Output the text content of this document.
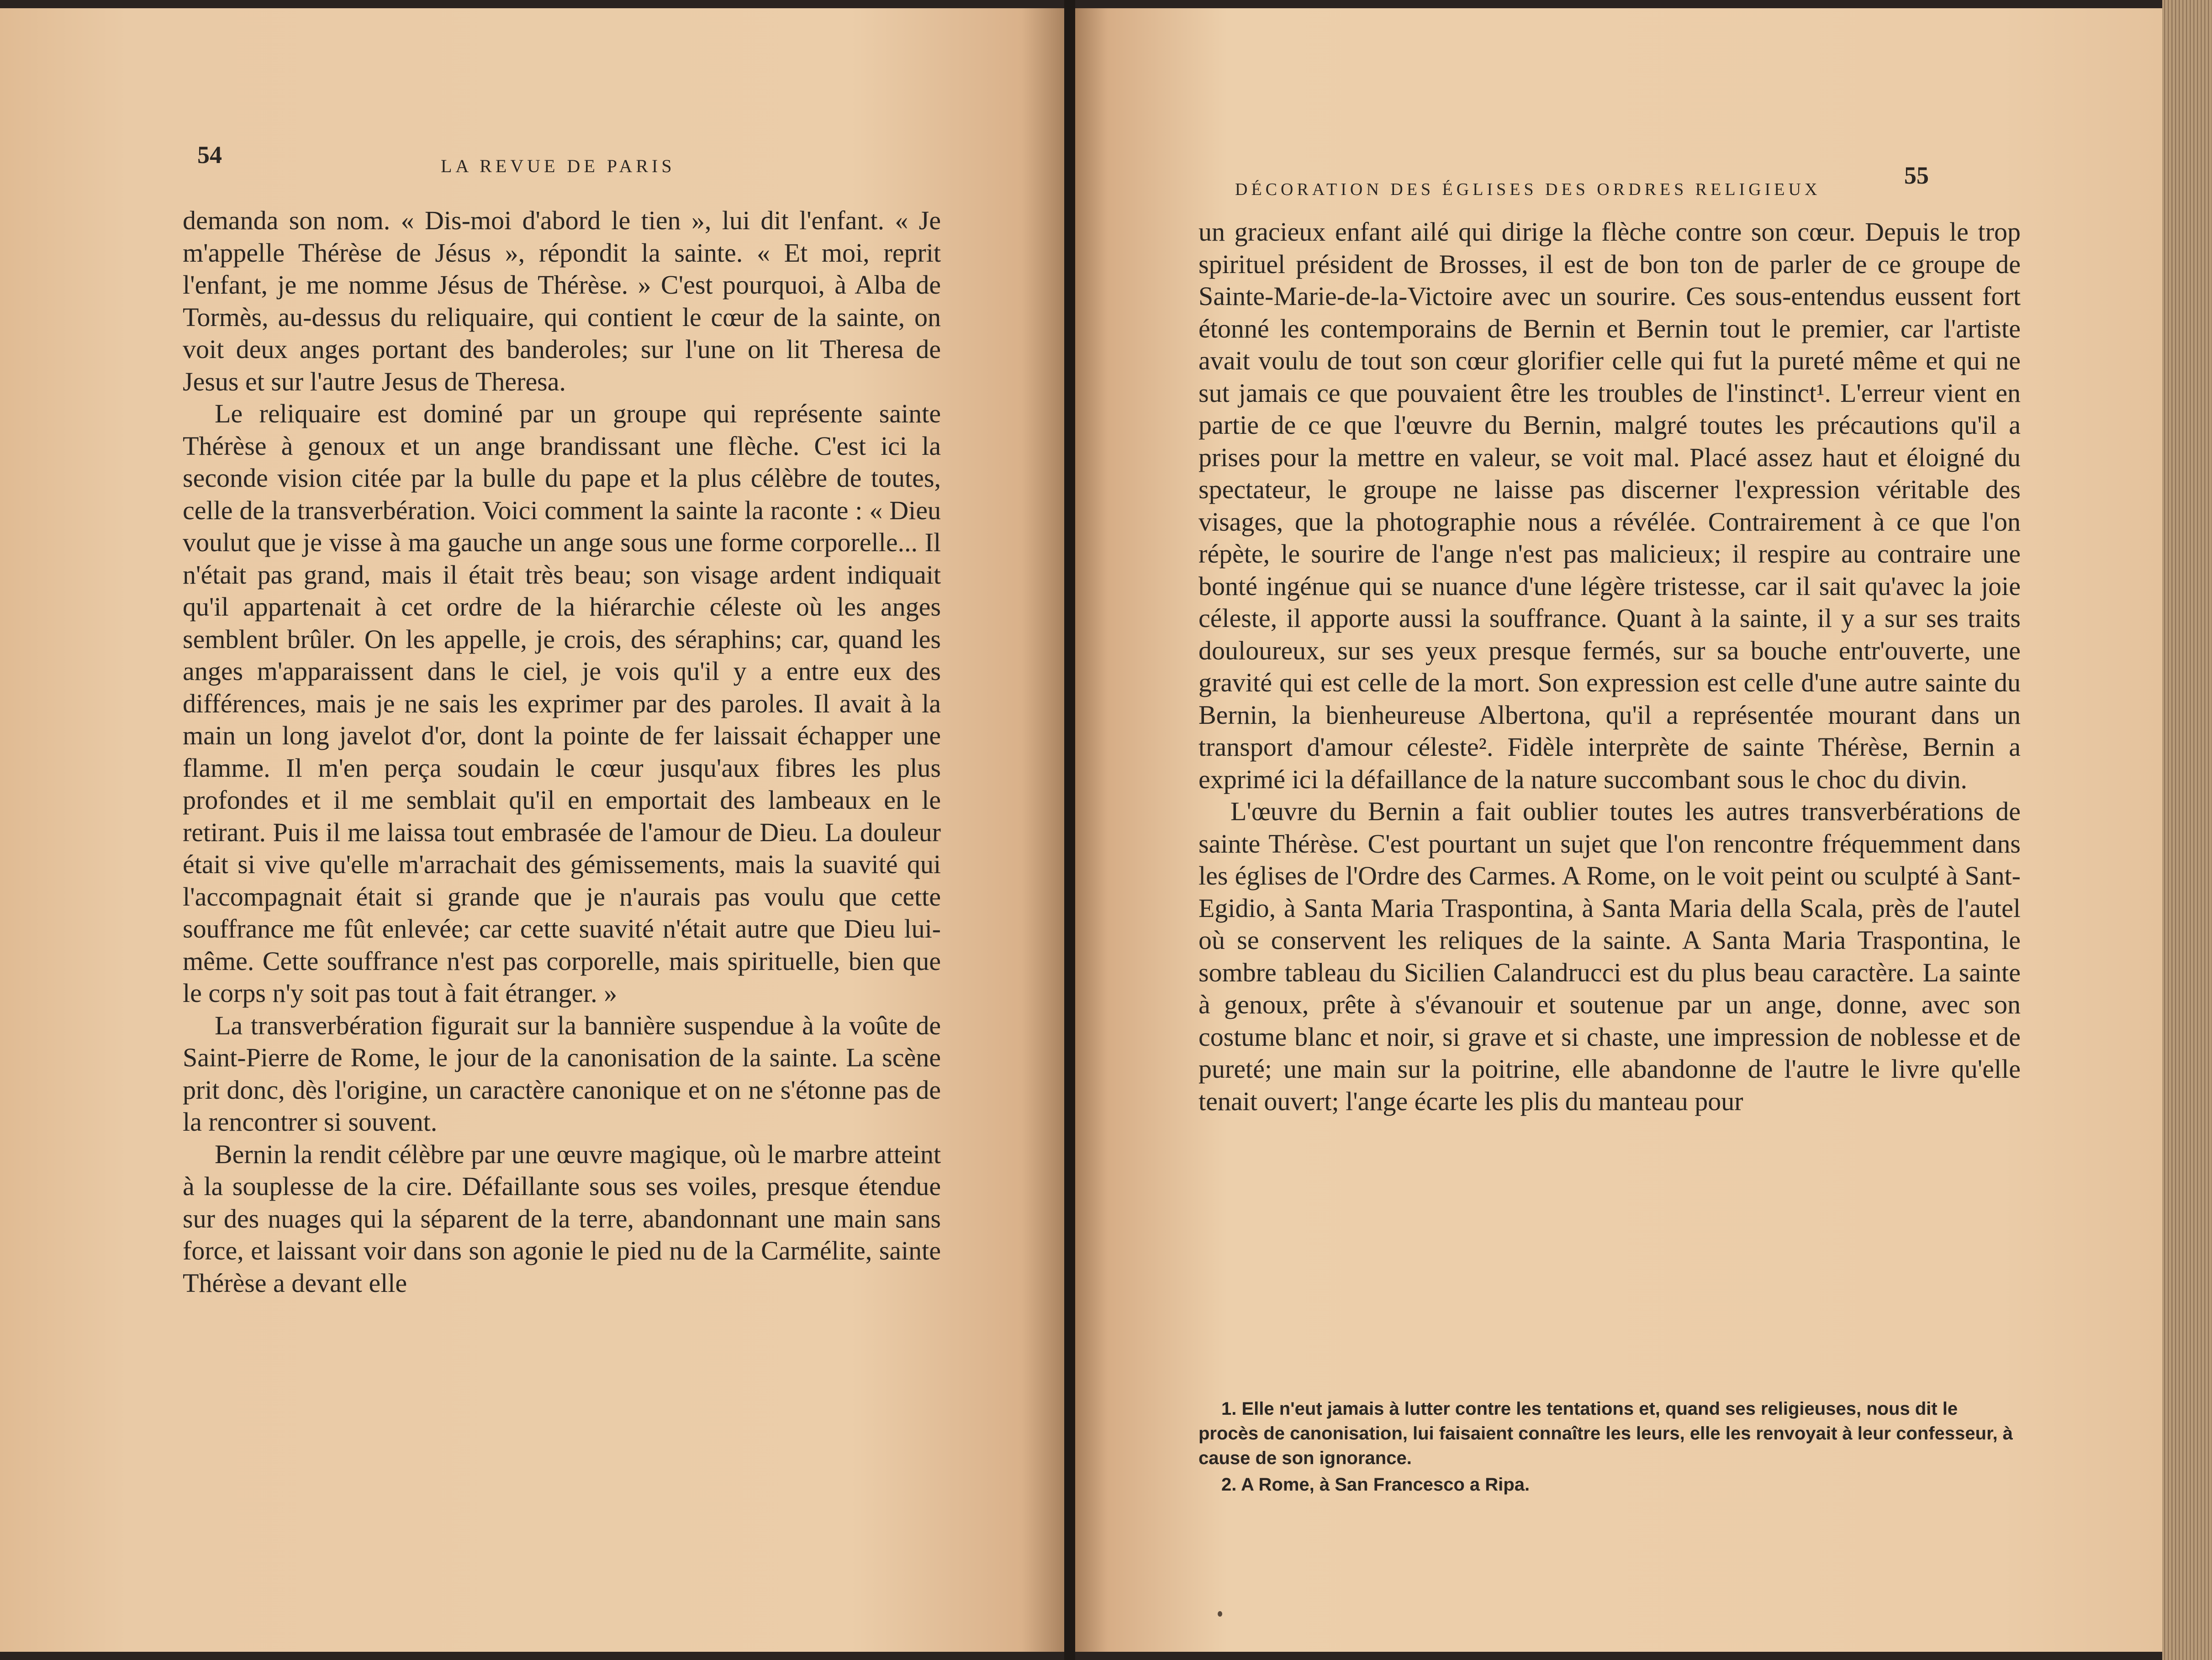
54	LA REVUE DE PARIS

demanda son nom. « Dis-moi d'abord le tien », lui dit l'enfant. « Je m'appelle Thérèse de Jésus », répondit la sainte. « Et moi, reprit l'enfant, je me nomme Jésus de Thérèse. » C'est pourquoi, à Alba de Tormès, au-dessus du reliquaire, qui contient le cœur de la sainte, on voit deux anges portant des banderoles; sur l'une on lit Theresa de Jesus et sur l'autre Jesus de Theresa.

Le reliquaire est dominé par un groupe qui représente sainte Thérèse à genoux et un ange brandissant une flèche. C'est ici la seconde vision citée par la bulle du pape et la plus célèbre de toutes, celle de la transverbération. Voici comment la sainte la raconte : « Dieu voulut que je visse à ma gauche un ange sous une forme corporelle... Il n'était pas grand, mais il était très beau; son visage ardent indiquait qu'il appartenait à cet ordre de la hiérarchie céleste où les anges semblent brûler. On les appelle, je crois, des séraphins; car, quand les anges m'apparaissent dans le ciel, je vois qu'il y a entre eux des différences, mais je ne sais les exprimer par des paroles. Il avait à la main un long javelot d'or, dont la pointe de fer laissait échapper une flamme. Il m'en perça soudain le cœur jusqu'aux fibres les plus profondes et il me semblait qu'il en emportait des lambeaux en le retirant. Puis il me laissa tout embrasée de l'amour de Dieu. La douleur était si vive qu'elle m'arrachait des gémissements, mais la suavité qui l'accompagnait était si grande que je n'aurais pas voulu que cette souffrance me fût enlevée; car cette suavité n'était autre que Dieu lui-même. Cette souffrance n'est pas corporelle, mais spirituelle, bien que le corps n'y soit pas tout à fait étranger. »

La transverbération figurait sur la bannière suspendue à la voûte de Saint-Pierre de Rome, le jour de la canonisation de la sainte. La scène prit donc, dès l'origine, un caractère canonique et on ne s'étonne pas de la rencontrer si souvent.

Bernin la rendit célèbre par une œuvre magique, où le marbre atteint à la souplesse de la cire. Défaillante sous ses voiles, presque étendue sur des nuages qui la séparent de la terre, abandonnant une main sans force, et laissant voir dans son agonie le pied nu de la Carmélite, sainte Thérèse a devant elle

DÉCORATION DES ÉGLISES DES ORDRES RELIGIEUX
55

un gracieux enfant ailé qui dirige la flèche contre son cœur. Depuis le trop spirituel président de Brosses, il est de bon ton de parler de ce groupe de Sainte-Marie-de-la-Victoire avec un sourire. Ces sous-entendus eussent fort étonné les contemporains de Bernin et Bernin tout le premier, car l'artiste avait voulu de tout son cœur glorifier celle qui fut la pureté même et qui ne sut jamais ce que pouvaient être les troubles de l'instinct¹. L'erreur vient en partie de ce que l'œuvre du Bernin, malgré toutes les précautions qu'il a prises pour la mettre en valeur, se voit mal. Placé assez haut et éloigné du spectateur, le groupe ne laisse pas discerner l'expression véritable des visages, que la photographie nous a révélée. Contrairement à ce que l'on répète, le sourire de l'ange n'est pas malicieux; il respire au contraire une bonté ingénue qui se nuance d'une légère tristesse, car il sait qu'avec la joie céleste, il apporte aussi la souffrance. Quant à la sainte, il y a sur ses traits douloureux, sur ses yeux presque fermés, sur sa bouche entr'ouverte, une gravité qui est celle de la mort. Son expression est celle d'une autre sainte du Bernin, la bienheureuse Albertona, qu'il a représentée mourant dans un transport d'amour céleste². Fidèle interprète de sainte Thérèse, Bernin a exprimé ici la défaillance de la nature succombant sous le choc du divin.

L'œuvre du Bernin a fait oublier toutes les autres transverbérations de sainte Thérèse. C'est pourtant un sujet que l'on rencontre fréquemment dans les églises de l'Ordre des Carmes. A Rome, on le voit peint ou sculpté à Sant-Egidio, à Santa Maria Traspontina, à Santa Maria della Scala, près de l'autel où se conservent les reliques de la sainte. A Santa Maria Traspontina, le sombre tableau du Sicilien Calandrucci est du plus beau caractère. La sainte à genoux, prête à s'évanouir et soutenue par un ange, donne, avec son costume blanc et noir, si grave et si chaste, une impression de noblesse et de pureté; une main sur la poitrine, elle abandonne de l'autre le livre qu'elle tenait ouvert; l'ange écarte les plis du manteau pour

1. Elle n'eut jamais à lutter contre les tentations et, quand ses religieuses, nous dit le procès de canonisation, lui faisaient connaître les leurs, elle les renvoyait à leur confesseur, à cause de son ignorance.

2. A Rome, à San Francesco a Ripa.
